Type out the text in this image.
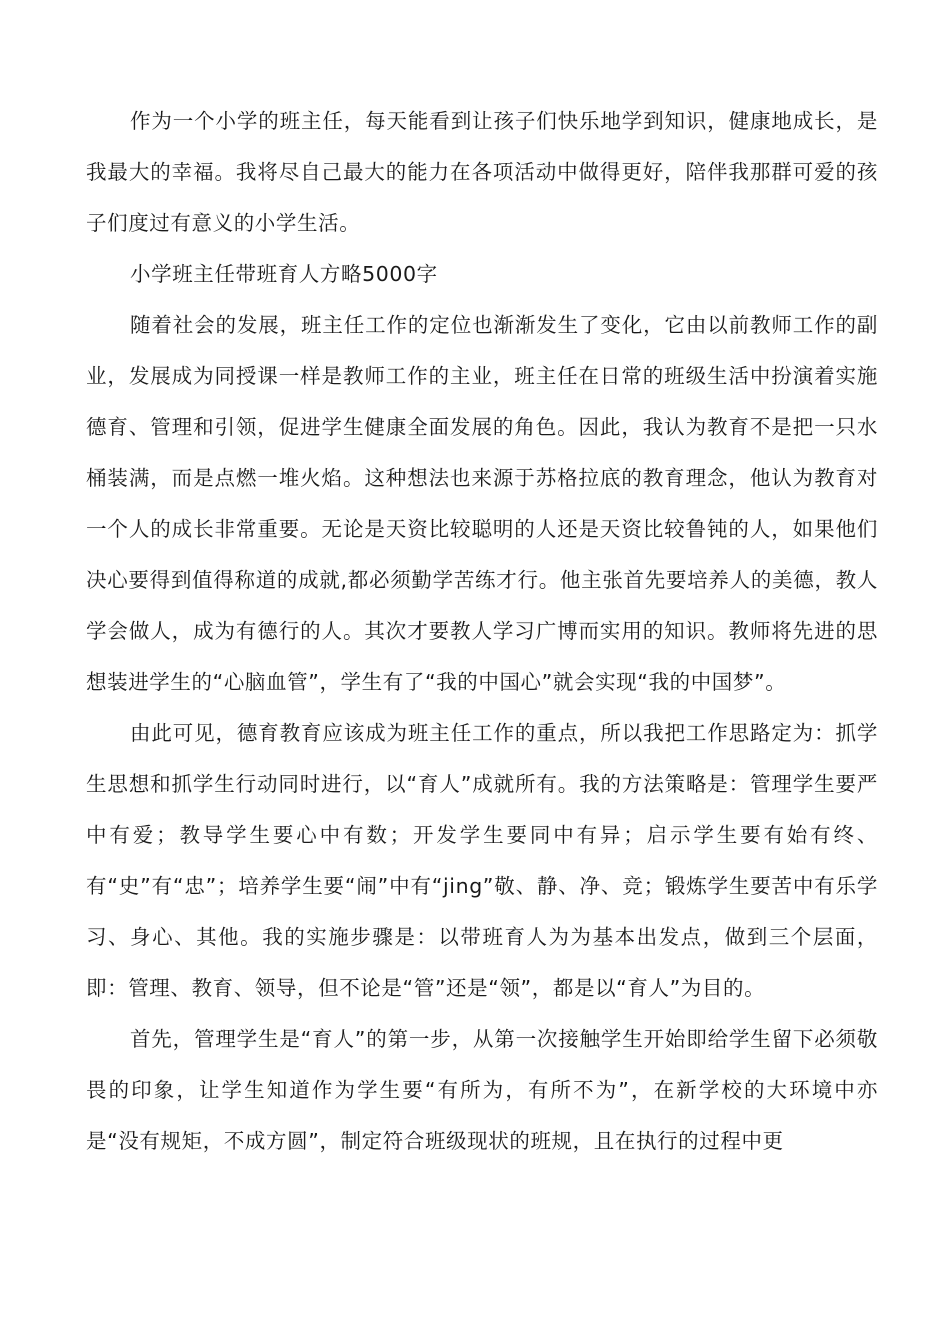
作为一个小学的班主任，每天能看到让孩子们快乐地学到知识，健康地成长，是我最大的幸福。我将尽自己最大的能力在各项活动中做得更好，陪伴我那群可爱的孩子们度过有意义的小学生活。

小学班主任带班育人方略5000字

随着社会的发展，班主任工作的定位也渐渐发生了变化，它由以前教师工作的副业，发展成为同授课一样是教师工作的主业，班主任在日常的班级生活中扮演着实施德育、管理和引领，促进学生健康全面发展的角色。因此，我认为教育不是把一只水桶装满，而是点燃一堆火焰。这种想法也来源于苏格拉底的教育理念，他认为教育对一个人的成长非常重要。无论是天资比较聪明的人还是天资比较鲁钝的人，如果他们决心要得到值得称道的成就,都必须勤学苦练才行。他主张首先要培养人的美德，教人学会做人，成为有德行的人。其次才要教人学习广博而实用的知识。教师将先进的思想装进学生的“心脑血管”，学生有了“我的中国心”就会实现“我的中国梦”。

由此可见，德育教育应该成为班主任工作的重点，所以我把工作思路定为：抓学生思想和抓学生行动同时进行，以“育人”成就所有。我的方法策略是：管理学生要严中有爱；教导学生要心中有数；开发学生要同中有异；启示学生要有始有终、有“史”有“忠”；培养学生要“闹”中有“jing”敬、静、净、竞；锻炼学生要苦中有乐学习、身心、其他。我的实施步骤是：以带班育人为为基本出发点，做到三个层面，即：管理、教育、领导，但不论是“管”还是“领”，都是以“育人”为目的。

首先，管理学生是“育人”的第一步，从第一次接触学生开始即给学生留下必须敬畏的印象，让学生知道作为学生要“有所为，有所不为”，在新学校的大环境中亦是“没有规矩，不成方圆”，制定符合班级现状的班规，且在执行的过程中更
